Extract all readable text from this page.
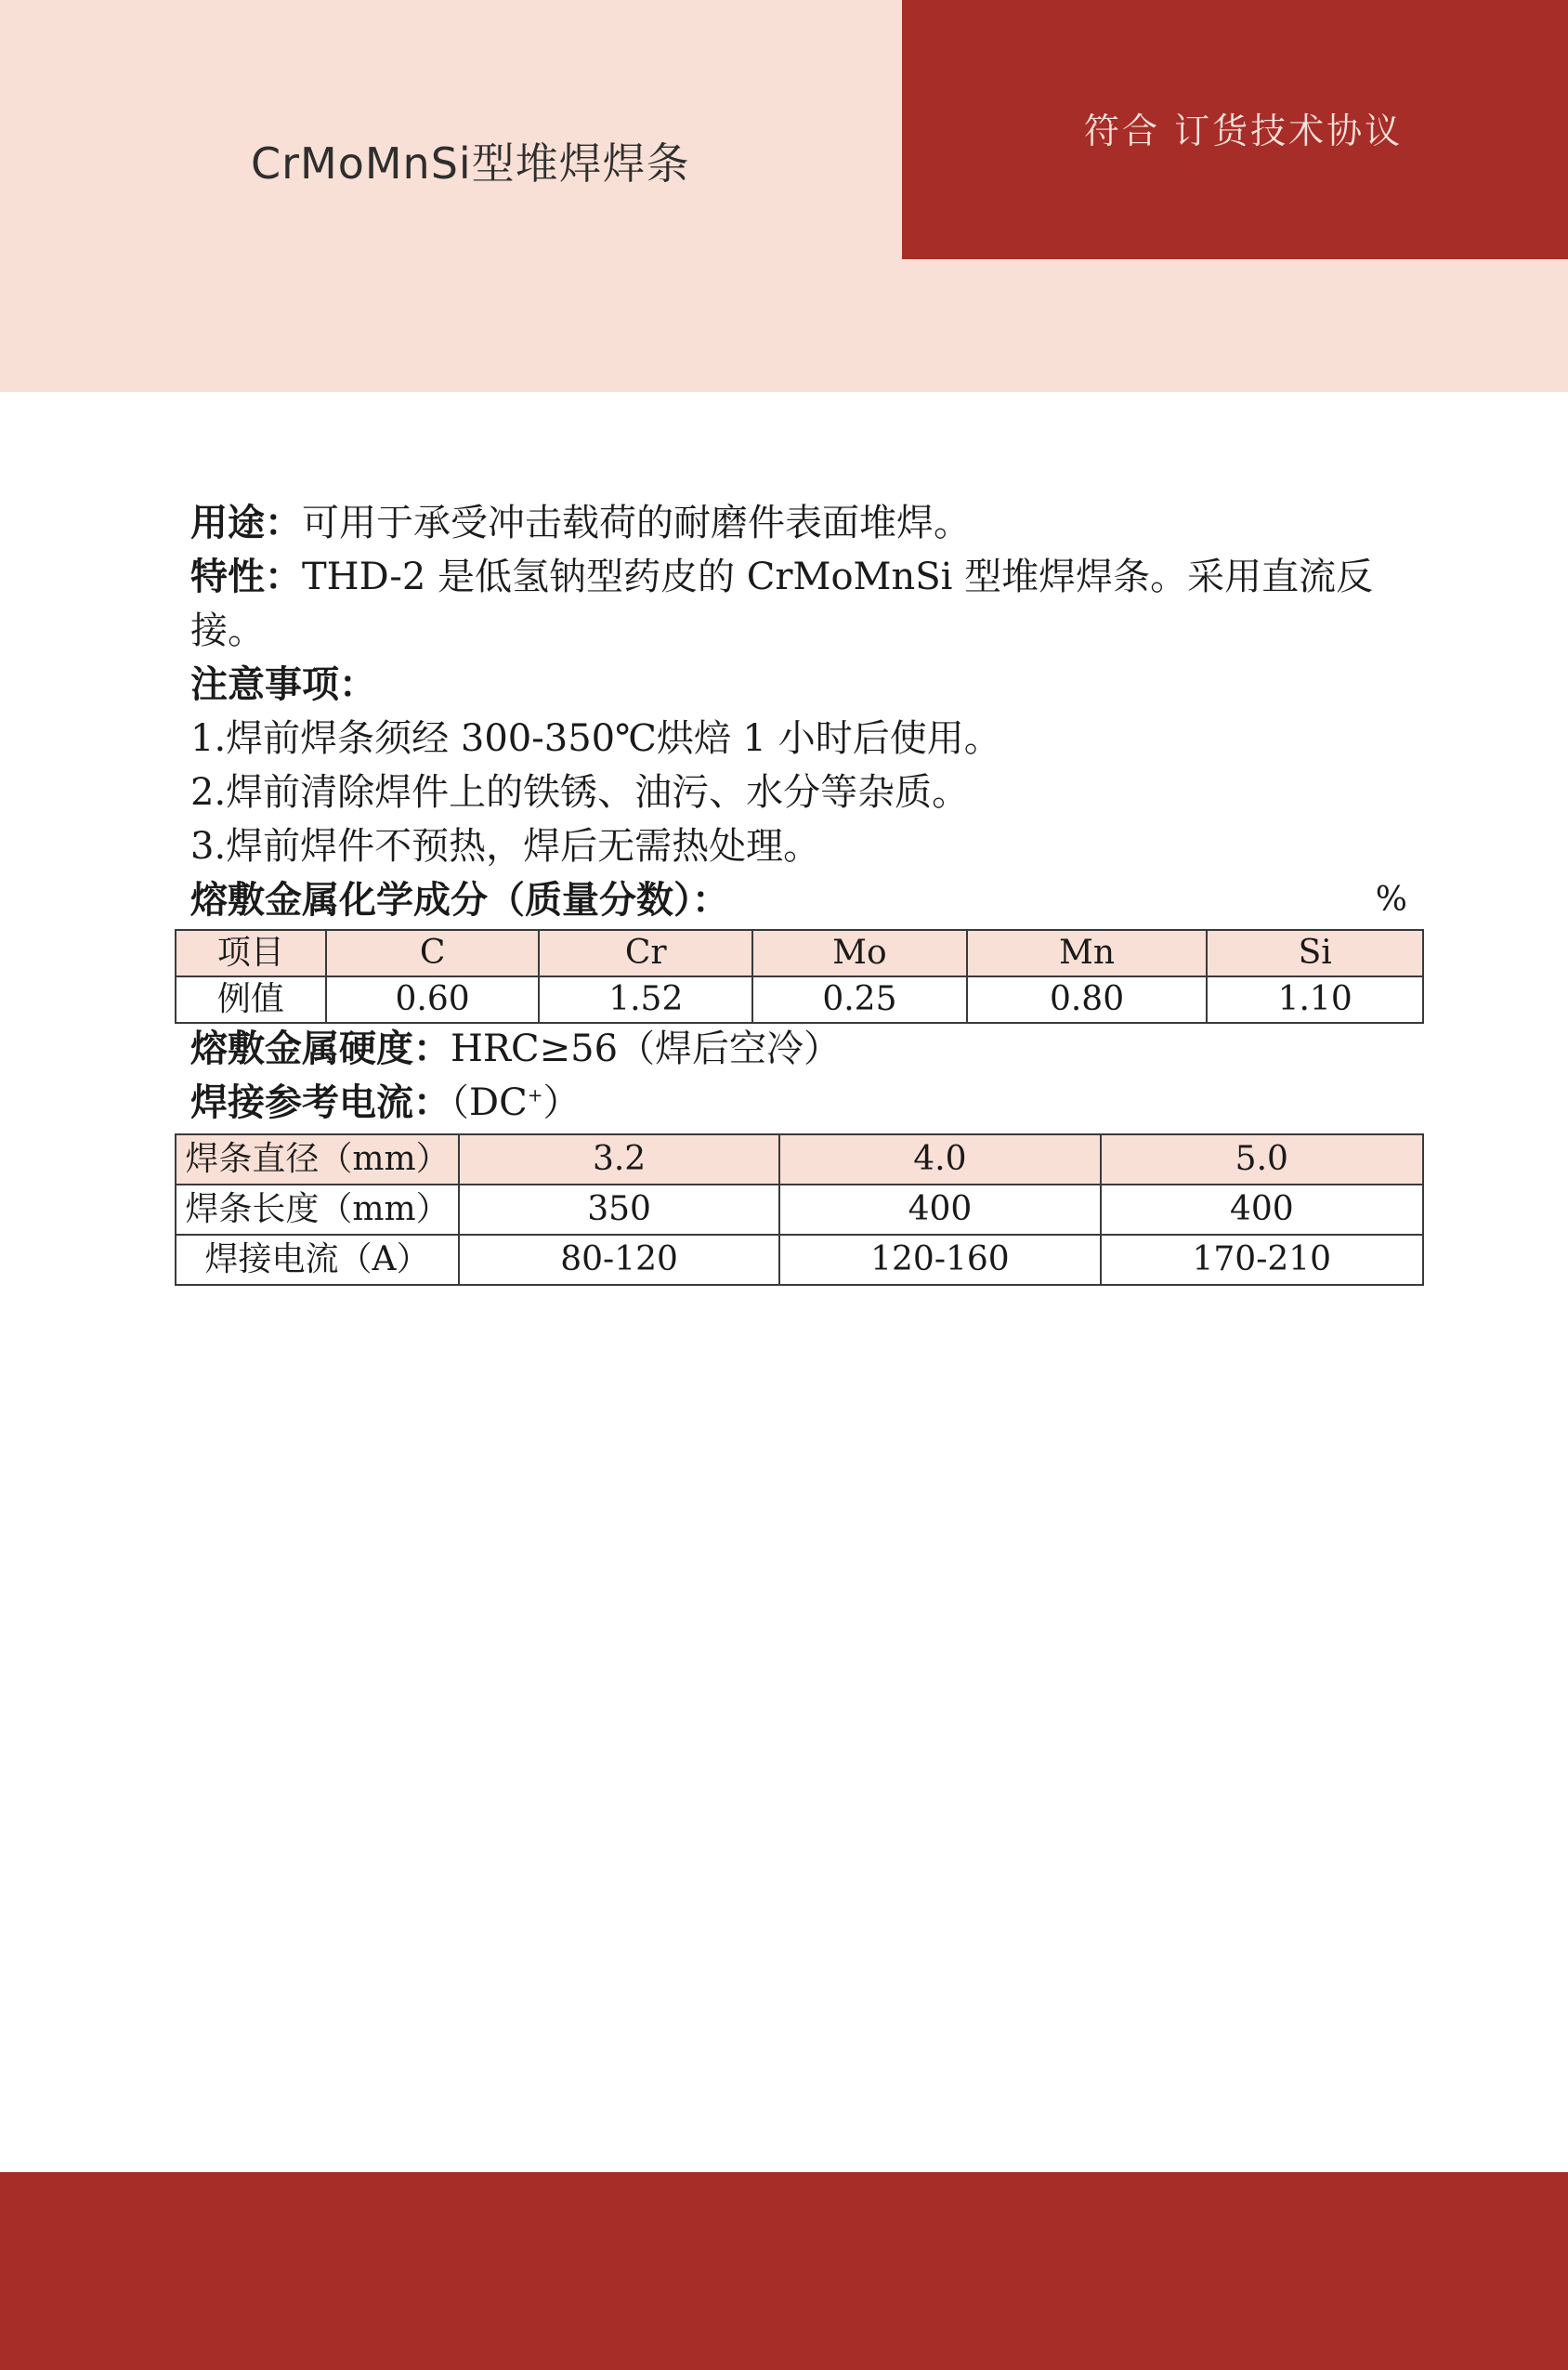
CrMoMnSi型堆焊焊条
符合 订货技术协议
用途：可用于承受冲击载荷的耐磨件表面堆焊。
特性：THD-2 是低氢钠型药皮的 CrMoMnSi 型堆焊焊条。采用直流反接。
注意事项：
1.焊前焊条须经 300-350℃烘焙 1 小时后使用。
2.焊前清除焊件上的铁锈、油污、水分等杂质。
3.焊前焊件不预热，焊后无需热处理。
熔敷金属化学成分（质量分数）：	%
项目	C	Cr	Mo	Mn	Si
例值	0.60	1.52	0.25	0.80	1.10
熔敷金属硬度：HRC≥56（焊后空冷）
焊接参考电流：（DC+）
焊条直径（mm）	3.2	4.0	5.0
焊条长度（mm）	350	400	400
焊接电流（A）	80-120	120-160	170-210
